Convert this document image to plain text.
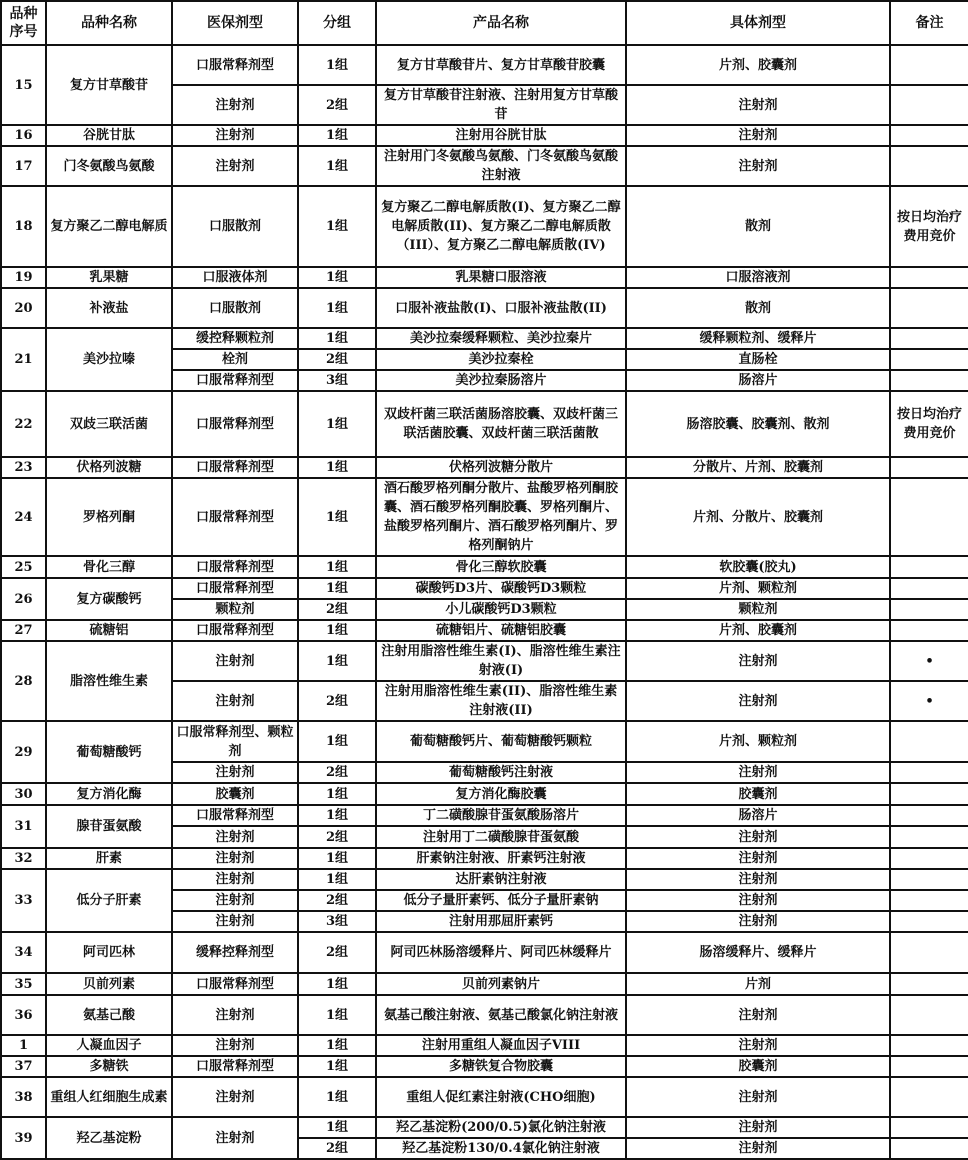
品种序号	品种名称	医保剂型	分组	产品名称	具体剂型	备注
15	复方甘草酸苷	口服常释剂型	1组	复方甘草酸苷片、复方甘草酸苷胶囊	片剂、胶囊剂	
		注射剂	2组	复方甘草酸苷注射液、注射用复方甘草酸苷	注射剂	
16	谷胱甘肽	注射剂	1组	注射用谷胱甘肽	注射剂	
17	门冬氨酸鸟氨酸	注射剂	1组	注射用门冬氨酸鸟氨酸、门冬氨酸鸟氨酸注射液	注射剂	
18	复方聚乙二醇电解质	口服散剂	1组	复方聚乙二醇电解质散(I)、复方聚乙二醇电解质散(II)、复方聚乙二醇电解质散（III）、复方聚乙二醇电解质散(IV)	散剂	按日均治疗费用竞价
19	乳果糖	口服液体剂	1组	乳果糖口服溶液	口服溶液剂	
20	补液盐	口服散剂	1组	口服补液盐散(I)、口服补液盐散(II)	散剂	
21	美沙拉嗪	缓控释颗粒剂	1组	美沙拉秦缓释颗粒、美沙拉秦片	缓释颗粒剂、缓释片	
		栓剂	2组	美沙拉秦栓	直肠栓	
		口服常释剂型	3组	美沙拉秦肠溶片	肠溶片	
22	双歧三联活菌	口服常释剂型	1组	双歧杆菌三联活菌肠溶胶囊、双歧杆菌三联活菌胶囊、双歧杆菌三联活菌散	肠溶胶囊、胶囊剂、散剂	按日均治疗费用竞价
23	伏格列波糖	口服常释剂型	1组	伏格列波糖分散片	分散片、片剂、胶囊剂	
24	罗格列酮	口服常释剂型	1组	酒石酸罗格列酮分散片、盐酸罗格列酮胶囊、酒石酸罗格列酮胶囊、罗格列酮片、盐酸罗格列酮片、酒石酸罗格列酮片、罗格列酮钠片	片剂、分散片、胶囊剂	
25	骨化三醇	口服常释剂型	1组	骨化三醇软胶囊	软胶囊(胶丸)	
26	复方碳酸钙	口服常释剂型	1组	碳酸钙D3片、碳酸钙D3颗粒	片剂、颗粒剂	
		颗粒剂	2组	小儿碳酸钙D3颗粒	颗粒剂	
27	硫糖铝	口服常释剂型	1组	硫糖铝片、硫糖铝胶囊	片剂、胶囊剂	
28	脂溶性维生素	注射剂	1组	注射用脂溶性维生素(I)、脂溶性维生素注射液(I)	注射剂	•
		注射剂	2组	注射用脂溶性维生素(II)、脂溶性维生素注射液(II)	注射剂	•
29	葡萄糖酸钙	口服常释剂型、颗粒剂	1组	葡萄糖酸钙片、葡萄糖酸钙颗粒	片剂、颗粒剂	
		注射剂	2组	葡萄糖酸钙注射液	注射剂	
30	复方消化酶	胶囊剂	1组	复方消化酶胶囊	胶囊剂	
31	腺苷蛋氨酸	口服常释剂型	1组	丁二磺酸腺苷蛋氨酸肠溶片	肠溶片	
		注射剂	2组	注射用丁二磺酸腺苷蛋氨酸	注射剂	
32	肝素	注射剂	1组	肝素钠注射液、肝素钙注射液	注射剂	
33	低分子肝素	注射剂	1组	达肝素钠注射液	注射剂	
		注射剂	2组	低分子量肝素钙、低分子量肝素钠	注射剂	
		注射剂	3组	注射用那屈肝素钙	注射剂	
34	阿司匹林	缓释控释剂型	2组	阿司匹林肠溶缓释片、阿司匹林缓释片	肠溶缓释片、缓释片	
35	贝前列素	口服常释剂型	1组	贝前列素钠片	片剂	
36	氨基己酸	注射剂	1组	氨基己酸注射液、氨基己酸氯化钠注射液	注射剂	
1	人凝血因子	注射剂	1组	注射用重组人凝血因子VIII	注射剂	
37	多糖铁	口服常释剂型	1组	多糖铁复合物胶囊	胶囊剂	
38	重组人红细胞生成素	注射剂	1组	重组人促红素注射液(CHO细胞)	注射剂	
39	羟乙基淀粉	注射剂	1组	羟乙基淀粉(200/0.5)氯化钠注射液	注射剂	
			2组	羟乙基淀粉130/0.4氯化钠注射液	注射剂	
